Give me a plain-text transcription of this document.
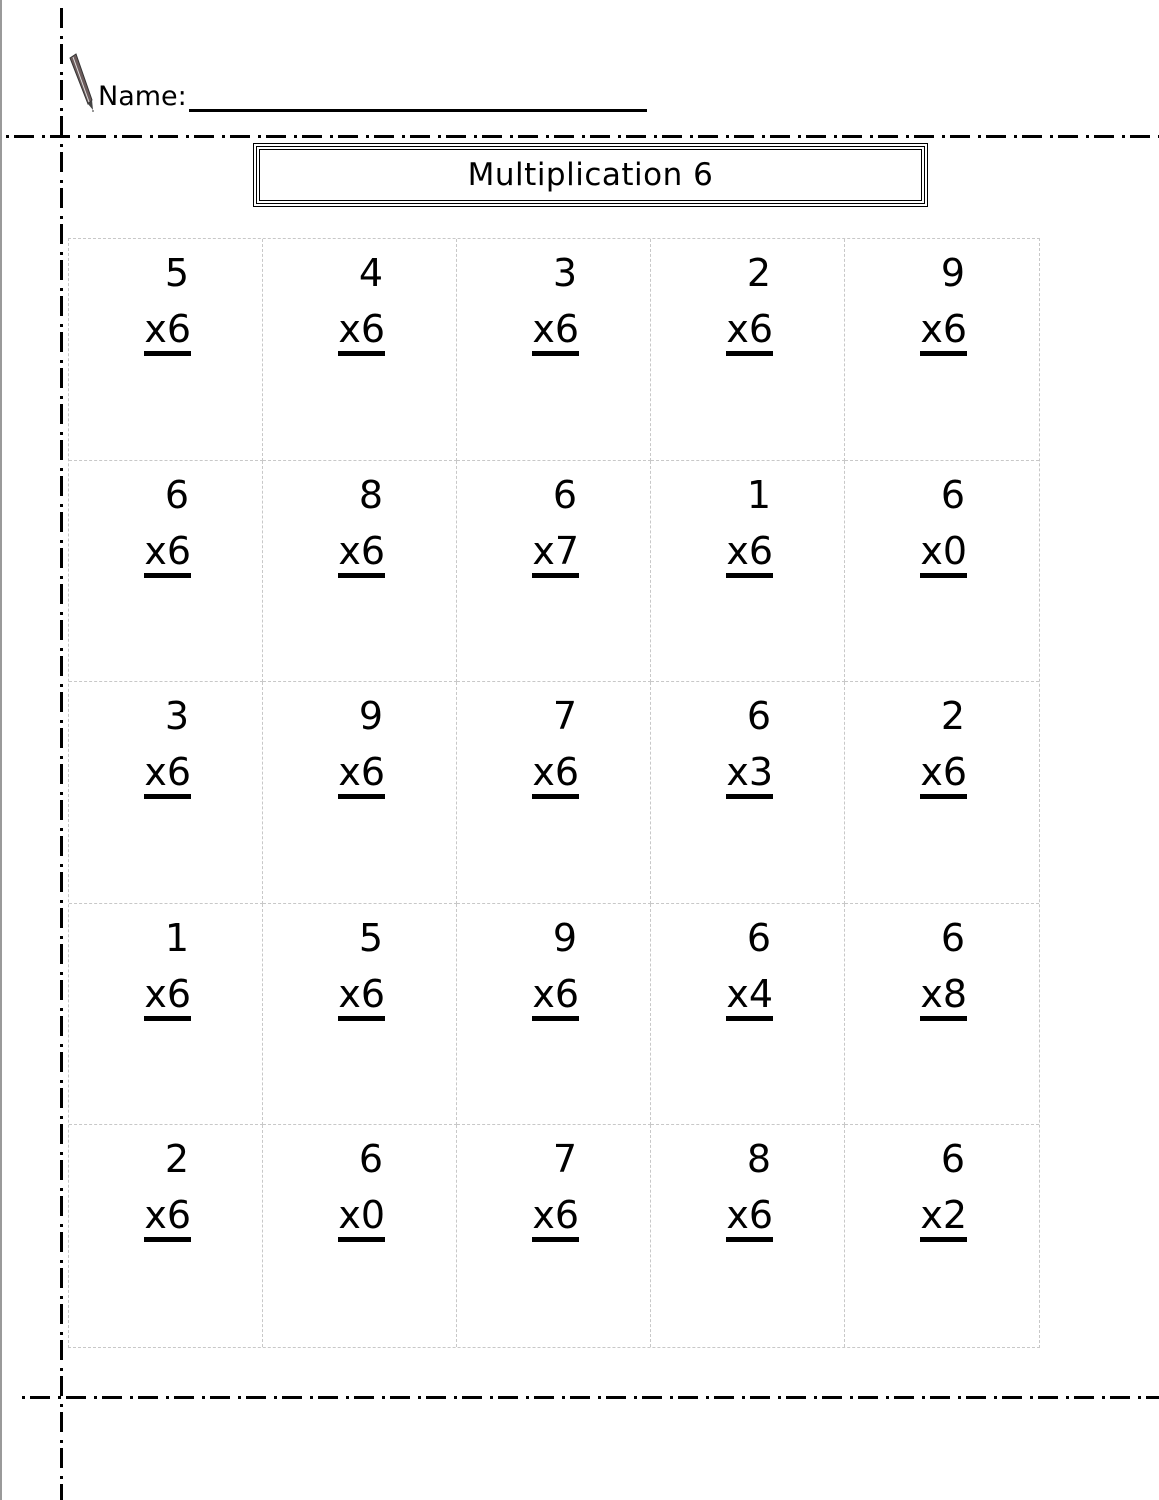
Name:
Multiplication 6
5
x6
4
x6
3
x6
2
x6
9
x6
6
x6
8
x6
6
x7
1
x6
6
x0
3
x6
9
x6
7
x6
6
x3
2
x6
1
x6
5
x6
9
x6
6
x4
6
x8
2
x6
6
x0
7
x6
8
x6
6
x2
